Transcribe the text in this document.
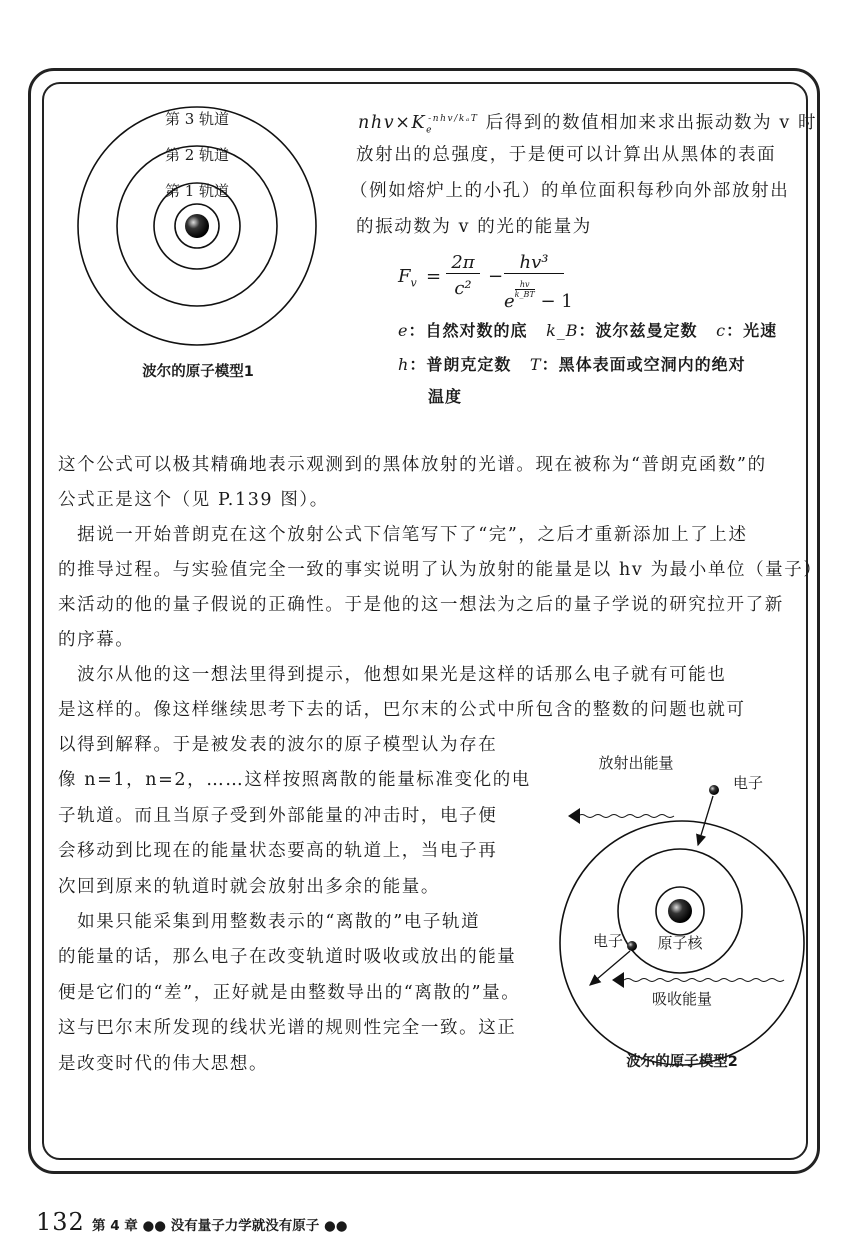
第 3 轨道
第 2 轨道
第 1 轨道
波尔的原子模型1
$nhv\times K_e^{-nhv/k_aT}$ 后得到的数值相加来求出振动数为 v 时
放射出的总强度，于是便可以计算出从黑体的表面
（例如熔炉上的小孔）的单位面积每秒向外部放射出
的振动数为 v 的光的能量为
$F_v$ =
2π
c²
−
hv³
e
$\frac{hv}{k\_BT}$
− 1
e：自然对数的底 k_B：波尔兹曼定数 c：光速
h：普朗克定数 T：黑体表面或空洞内的绝对
温度
这个公式可以极其精确地表示观测到的黑体放射的光谱。现在被称为“普朗克函数”的
公式正是这个（见 P.139 图）。
　据说一开始普朗克在这个放射公式下信笔写下了“完”，之后才重新添加上了上述
的推导过程。与实验值完全一致的事实说明了认为放射的能量是以 hv 为最小单位（量子）
来活动的他的量子假说的正确性。于是他的这一想法为之后的量子学说的研究拉开了新
的序幕。
　波尔从他的这一想法里得到提示，他想如果光是这样的话那么电子就有可能也
是这样的。像这样继续思考下去的话，巴尔末的公式中所包含的整数的问题也就可
以得到解释。于是被发表的波尔的原子模型认为存在
像 n=1，n=2，……这样按照离散的能量标准变化的电
子轨道。而且当原子受到外部能量的冲击时，电子便
会移动到比现在的能量状态要高的轨道上，当电子再
次回到原来的轨道时就会放射出多余的能量。
　如果只能采集到用整数表示的“离散的”电子轨道
的能量的话，那么电子在改变轨道时吸收或放出的能量
便是它们的“差”，正好就是由整数导出的“离散的”量。
这与巴尔末所发现的线状光谱的规则性完全一致。这正
是改变时代的伟大思想。
放射出能量
电子
电子 原子核
吸收能量
波尔的原子模型2
132 第 4 章 ●● 没有量子力学就没有原子 ●●
